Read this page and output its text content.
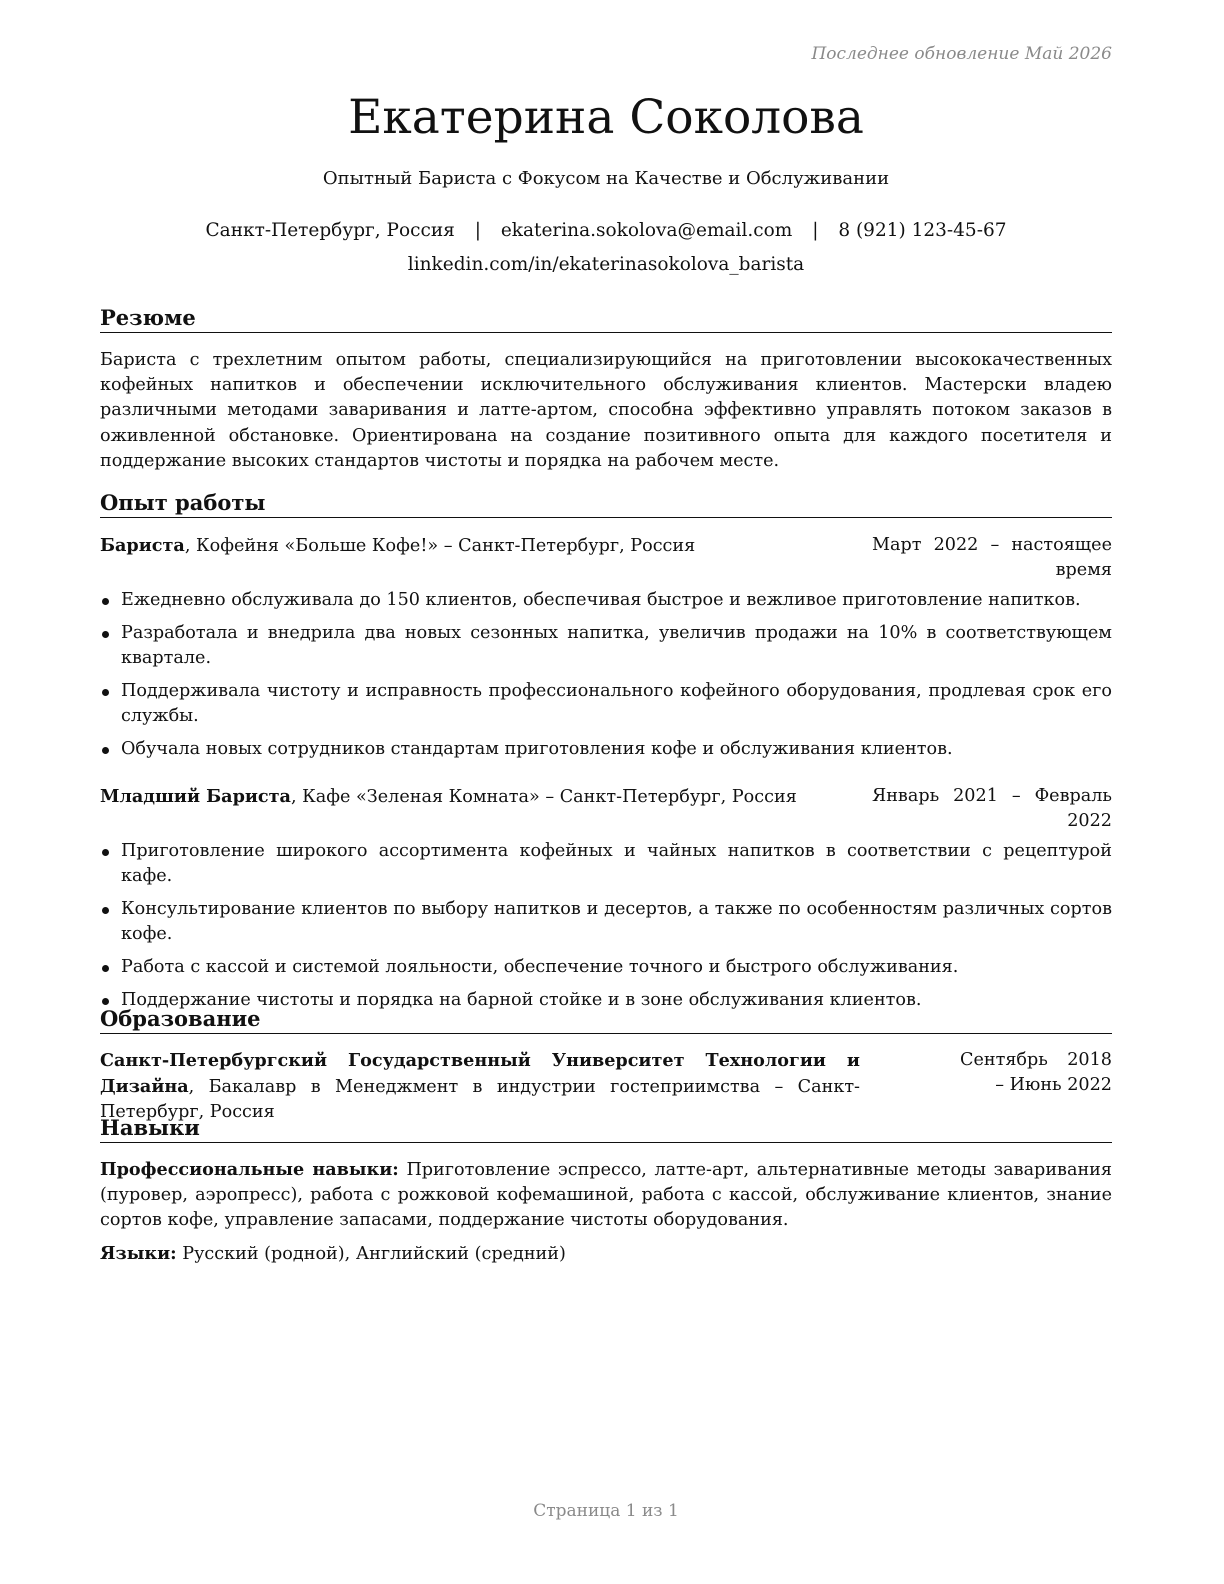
Последнее обновление Май 2026
Екатерина Соколова
Опытный Бариста с Фокусом на Качестве и Обслуживании
Санкт-Петербург, Россия | ekaterina.sokolova@email.com | 8 (921) 123-45-67
linkedin.com/in/ekaterinasokolova_barista
Резюме
Бариста с трехлетним опытом работы, специализирующийся на приготовлении высококачественных кофейных напитков и обеспечении исключительного обслуживания клиентов. Мастерски владею различными методами заваривания и латте-артом, способна эффективно управлять потоком заказов в оживленной обстановке. Ориентирована на создание позитивного опыта для каждого посетителя и поддержание высоких стандартов чистоты и порядка на рабочем месте.
Опыт работы
Бариста, Кофейня «Больше Кофе!» – Санкт-Петербург, Россия	Март 2022 – настоящее время
Ежедневно обслуживала до 150 клиентов, обеспечивая быстрое и вежливое приготовление напитков.
Разработала и внедрила два новых сезонных напитка, увеличив продажи на 10% в соответствующем квартале.
Поддерживала чистоту и исправность профессионального кофейного оборудования, продлевая срок его службы.
Обучала новых сотрудников стандартам приготовления кофе и обслуживания клиентов.
Младший Бариста, Кафе «Зеленая Комната» – Санкт-Петербург, Россия	Январь 2021 – Февраль 2022
Приготовление широкого ассортимента кофейных и чайных напитков в соответствии с рецептурой кафе.
Консультирование клиентов по выбору напитков и десертов, а также по особенностям различных сортов кофе.
Работа с кассой и системой лояльности, обеспечение точного и быстрого обслуживания.
Поддержание чистоты и порядка на барной стойке и в зоне обслуживания клиентов.
Образование
Санкт-Петербургский Государственный Университет Технологии и Дизайна, Бакалавр в Менеджмент в индустрии гостеприимства – Санкт-Петербург, Россия
Сентябрь 2018 – Июнь 2022
Навыки
Профессиональные навыки: Приготовление эспрессо, латте-арт, альтернативные методы заваривания (пуровер, аэропресс), работа с рожковой кофемашиной, работа с кассой, обслуживание клиентов, знание сортов кофе, управление запасами, поддержание чистоты оборудования.
Языки: Русский (родной), Английский (средний)
Страница 1 из 1
